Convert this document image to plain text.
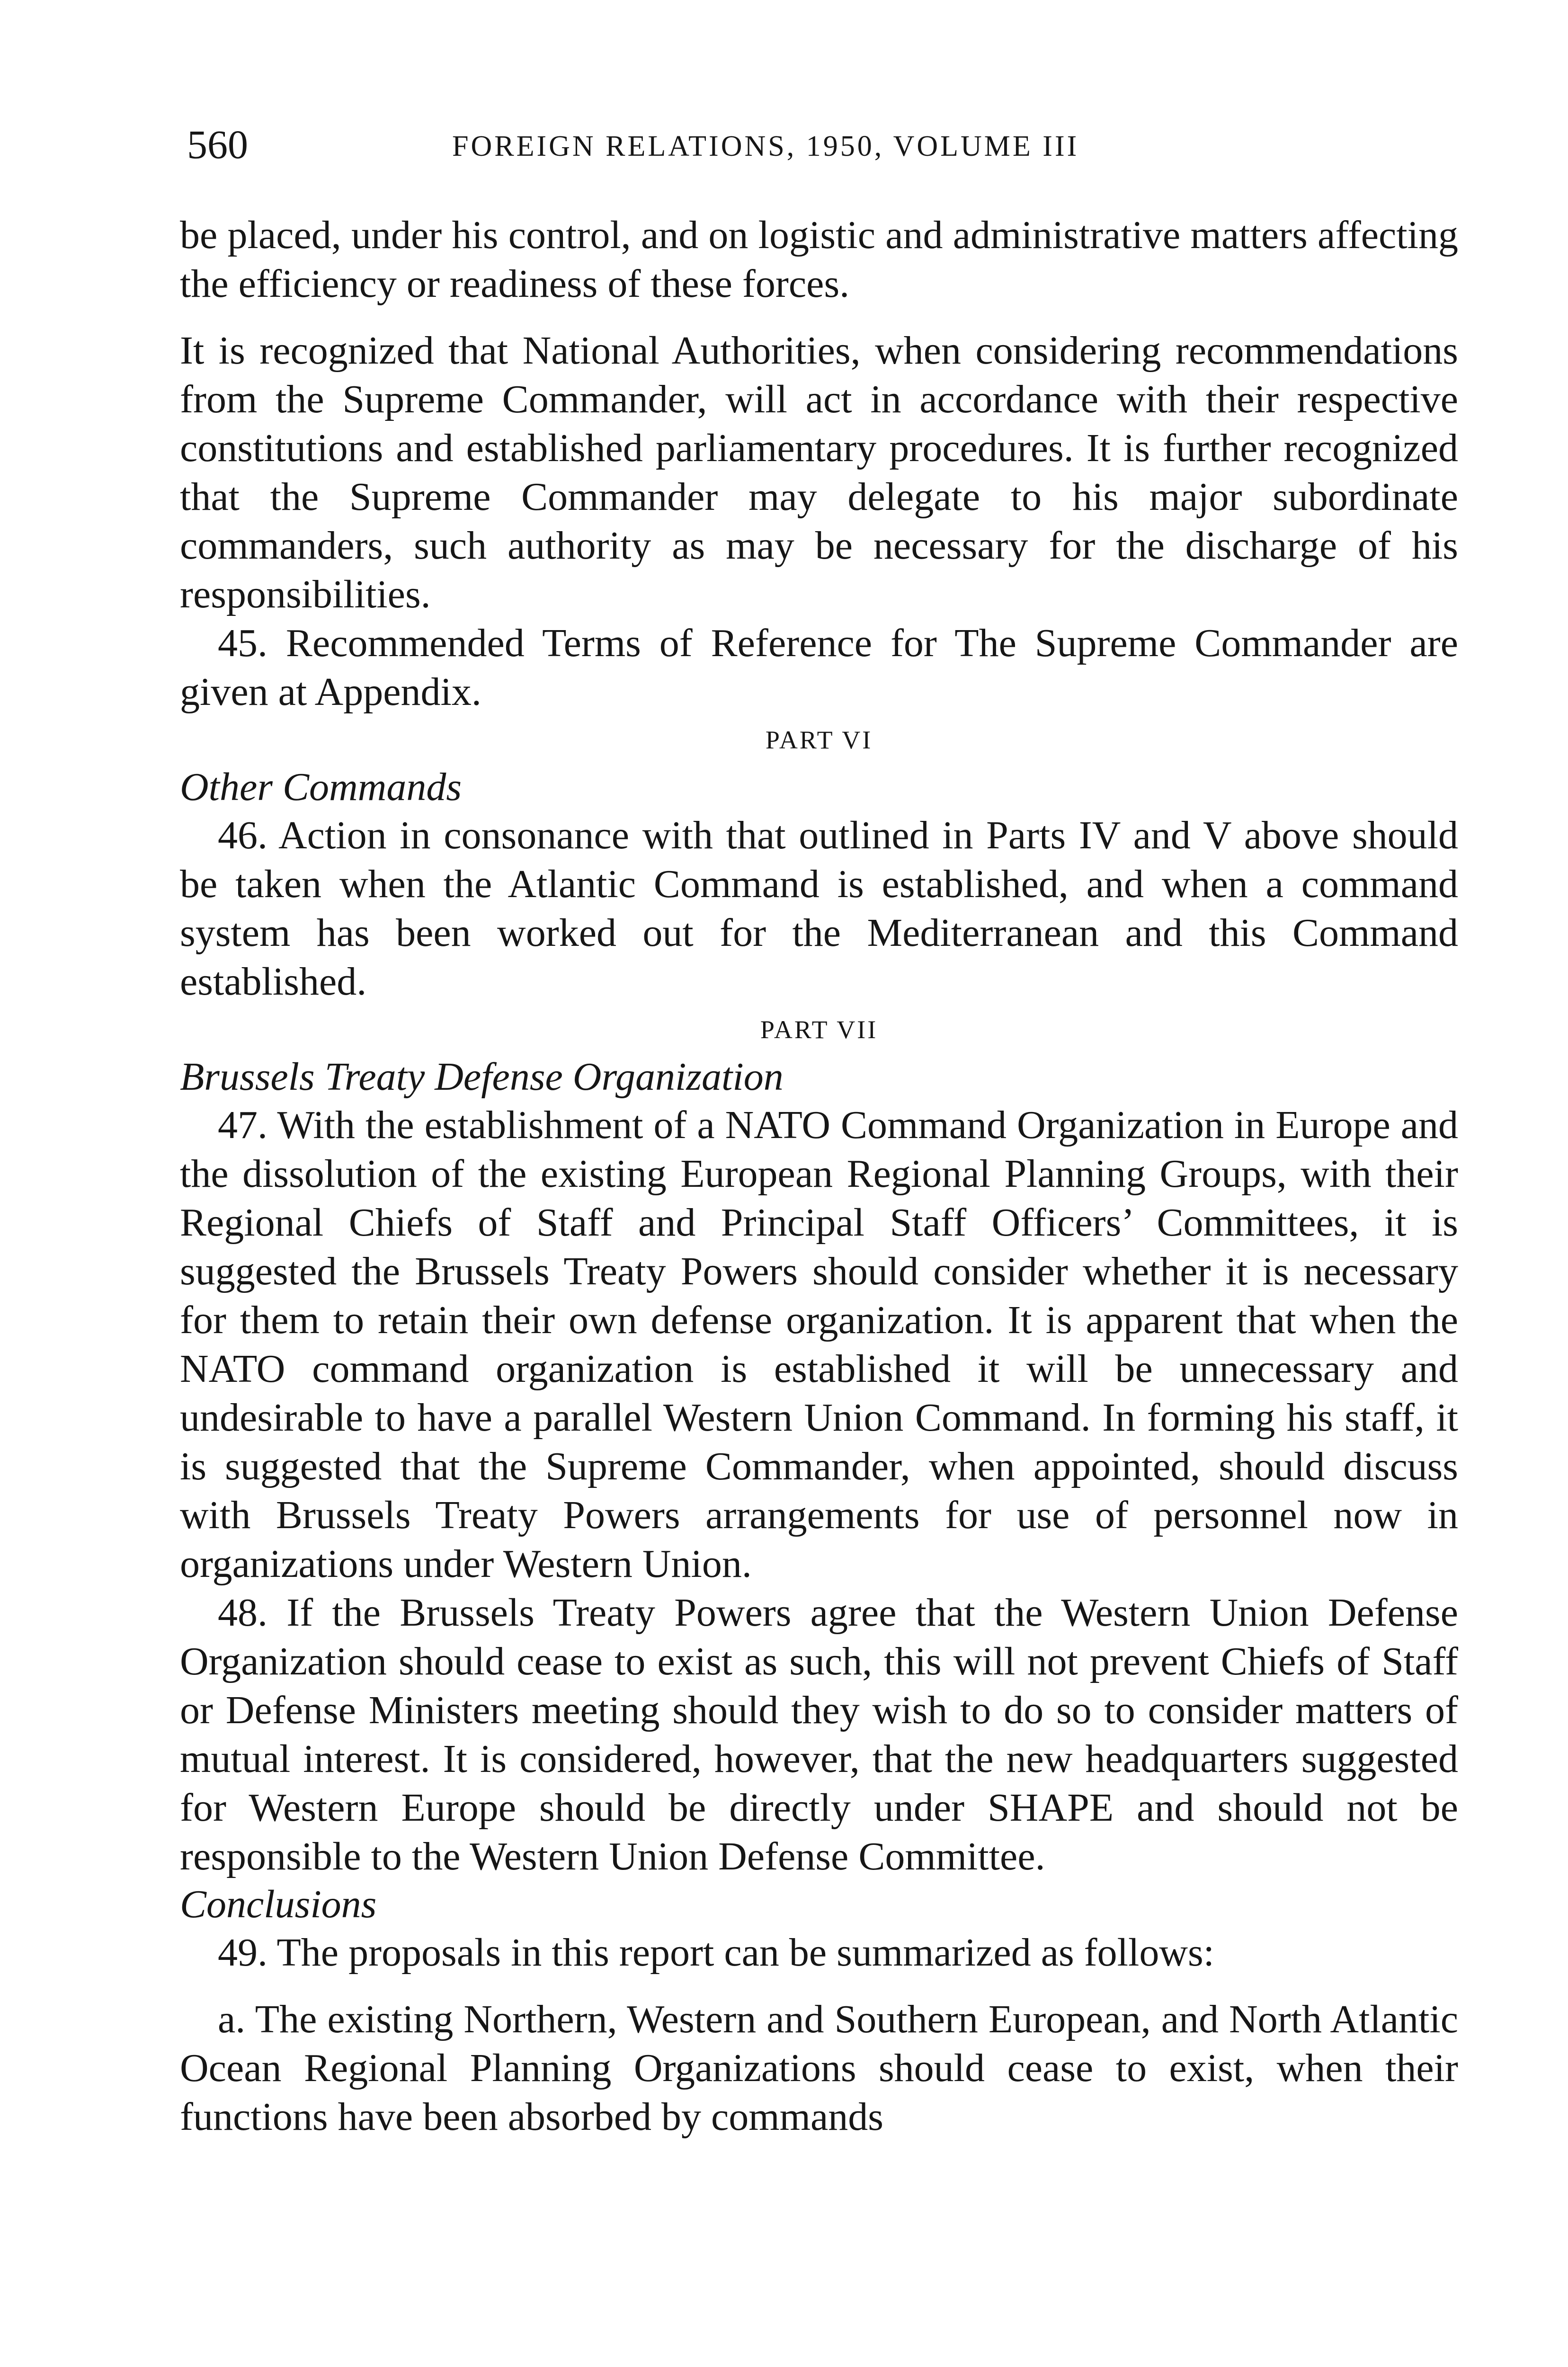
560	FOREIGN RELATIONS, 1950, VOLUME III

be placed, under his control, and on logistic and administrative matters affecting the efficiency or readiness of these forces.

It is recognized that National Authorities, when considering recommendations from the Supreme Commander, will act in accordance with their respective constitutions and established parliamentary procedures. It is further recognized that the Supreme Commander may delegate to his major subordinate commanders, such authority as may be necessary for the discharge of his responsibilities.

45. Recommended Terms of Reference for The Supreme Commander are given at Appendix.

PART VI

Other Commands

46. Action in consonance with that outlined in Parts IV and V above should be taken when the Atlantic Command is established, and when a command system has been worked out for the Mediterranean and this Command established.

PART VII

Brussels Treaty Defense Organization

47. With the establishment of a NATO Command Organization in Europe and the dissolution of the existing European Regional Planning Groups, with their Regional Chiefs of Staff and Principal Staff Officers’ Committees, it is suggested the Brussels Treaty Powers should consider whether it is necessary for them to retain their own defense organization. It is apparent that when the NATO command organization is established it will be unnecessary and undesirable to have a parallel Western Union Command. In forming his staff, it is suggested that the Supreme Commander, when appointed, should discuss with Brussels Treaty Powers arrangements for use of personnel now in organizations under Western Union.

48. If the Brussels Treaty Powers agree that the Western Union Defense Organization should cease to exist as such, this will not prevent Chiefs of Staff or Defense Ministers meeting should they wish to do so to consider matters of mutual interest. It is considered, however, that the new headquarters suggested for Western Europe should be directly under SHAPE and should not be responsible to the Western Union Defense Committee.

Conclusions

49. The proposals in this report can be summarized as follows:

a. The existing Northern, Western and Southern European, and North Atlantic Ocean Regional Planning Organizations should cease to exist, when their functions have been absorbed by commands
